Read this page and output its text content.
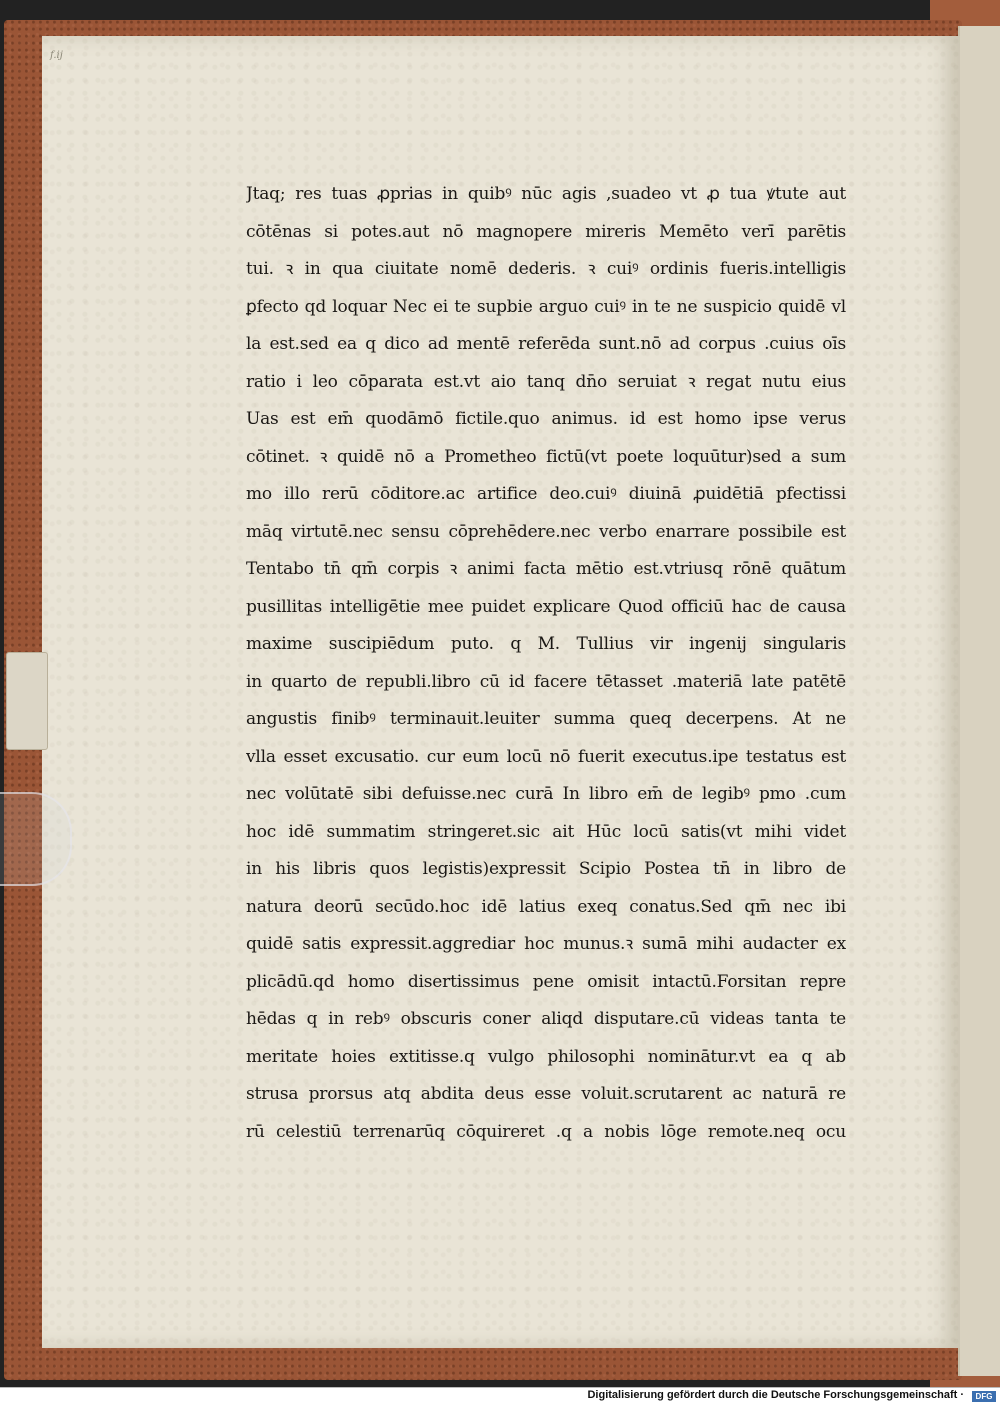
f.ij
Jtaq; res tuas ꝓprias in quibꝰ nūc agis ,suadeo vt ꝓ tua ꝟtute aut
cōtēnas si potes.aut nō magnopere mireris Memēto verī parētis
tui. ꝛ in qua ciuitate nomē dederis. ꝛ cuiꝰ ordinis fueris.intelligis
ꝑfecto qd loquar Nec ei te supbie arguo cuiꝰ in te ne suspicio quidē vl
la est.sed ea q dico ad mentē referēda sunt.nō ad corpus .cuius oīs
ratio i leo cōparata est.vt aio tanq dn̄o seruiat ꝛ regat nutu eius
Uas est em̄ quodāmō fictile.quo animus. id est homo ipse verus
cōtinet. ꝛ quidē nō a Prometheo fictū(vt poete loquūtur)sed a sum
mo illo rerū cōditore.ac artifice deo.cuiꝰ diuinā ꝓuidētiā pfectissi
māq virtutē.nec sensu cōprehēdere.nec verbo enarrare possibile est
Tentabo tn̄ qm̄ corpis ꝛ animi facta mētio est.vtriusq rōnē quātum
pusillitas intelligētie mee puidet explicare Quod officiū hac de causa
maxime suscipiēdum puto. q M. Tullius vir ingenij singularis
in quarto de republi.libro cū id facere tētasset .materiā late patētē
angustis finibꝰ terminauit.leuiter summa queq decerpens. At ne
vlla esset excusatio. cur eum locū nō fuerit executus.ipe testatus est
nec volūtatē sibi defuisse.nec curā In libro em̄ de legibꝰ pmo .cum
hoc idē summatim stringeret.sic ait Hūc locū satis(vt mihi videt
in his libris quos legistis)expressit Scipio Postea tn̄ in libro de
natura deorū secūdo.hoc idē latius exeq conatus.Sed qm̄ nec ibi
quidē satis expressit.aggrediar hoc munus.ꝛ sumā mihi audacter ex
plicādū.qd homo disertissimus pene omisit intactū.Forsitan repre
hēdas q in rebꝰ obscuris coner aliqd disputare.cū videas tanta te
meritate hoies extitisse.q vulgo philosophi nominātur.vt ea q ab
strusa prorsus atq abdita deus esse voluit.scrutarent ac naturā re
rū celestiū terrenarūq cōquireret .q a nobis lōge remote.neq ocu
Digitalisierung gefördert durch die Deutsche Forschungsgemeinschaft ·	DFG
